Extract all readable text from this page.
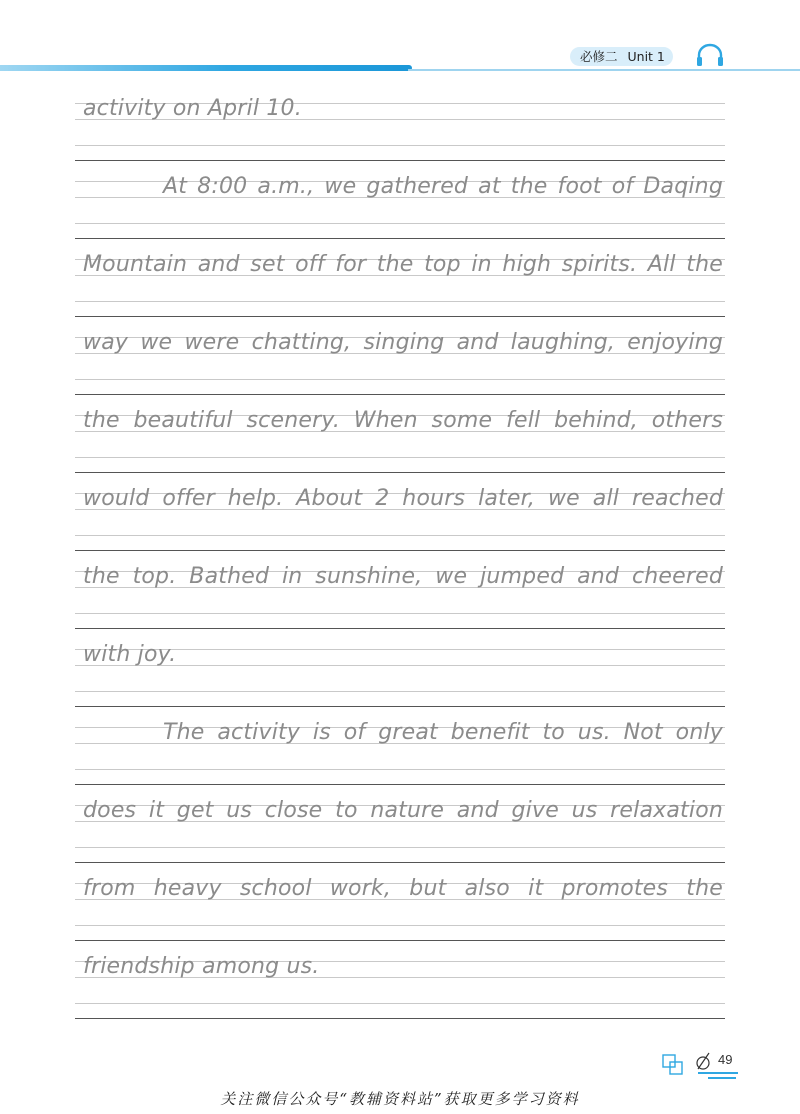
必修二 Unit 1
activity on April 10.
At 8:00 a.m., we gathered at the foot of Daqing
Mountain and set off for the top in high spirits. All the
way we were chatting, singing and laughing, enjoying
the beautiful scenery. When some fell behind, others
would offer help. About 2 hours later, we all reached
the top. Bathed in sunshine, we jumped and cheered
with joy.
The activity is of great benefit to us. Not only
does it get us close to nature and give us relaxation
from heavy school work, but also it promotes the
friendship among us.
49
关注微信公众号“教辅资料站”获取更多学习资料
